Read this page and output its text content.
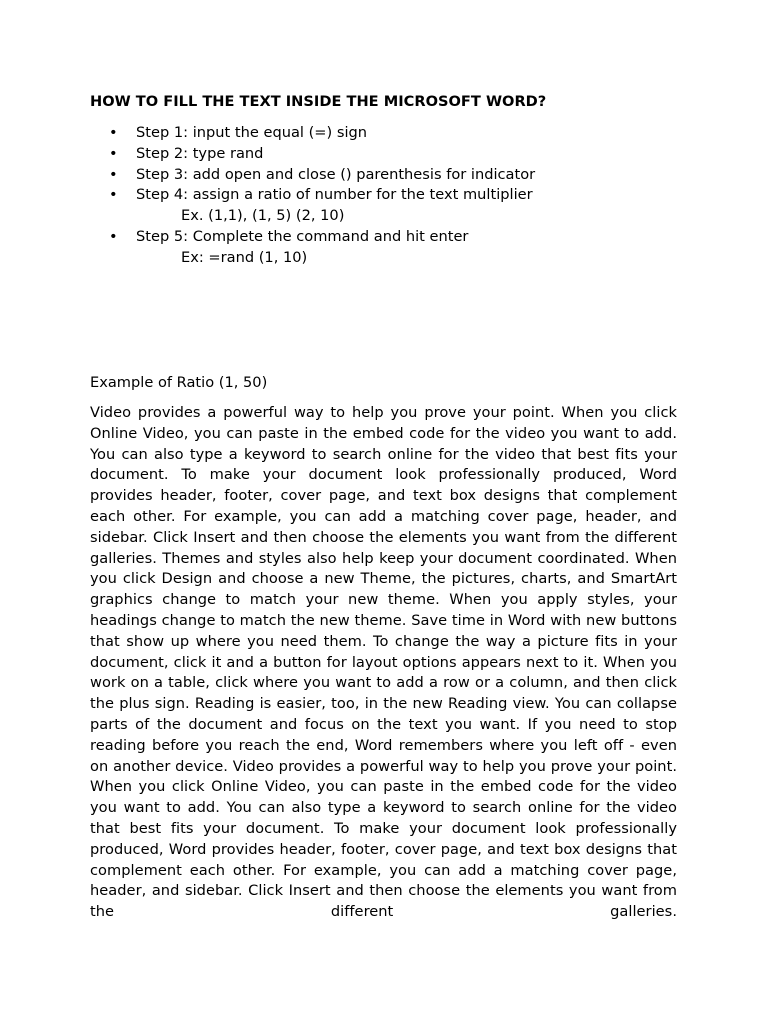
HOW TO FILL THE TEXT INSIDE THE MICROSOFT WORD?
• Step 1: input the equal (=) sign
• Step 2: type rand
• Step 3: add open and close () parenthesis for indicator
• Step 4: assign a ratio of number for the text multiplier
Ex. (1,1), (1, 5) (2, 10)
• Step 5: Complete the command and hit enter
Ex: =rand (1, 10)

Example of Ratio (1, 50)

Video provides a powerful way to help you prove your point. When you click Online Video, you can paste in the embed code for the video you want to add. You can also type a keyword to search online for the video that best fits your document. To make your document look professionally produced, Word provides header, footer, cover page, and text box designs that complement each other. For example, you can add a matching cover page, header, and sidebar. Click Insert and then choose the elements you want from the different galleries. Themes and styles also help keep your document coordinated. When you click Design and choose a new Theme, the pictures, charts, and SmartArt graphics change to match your new theme. When you apply styles, your headings change to match the new theme. Save time in Word with new buttons that show up where you need them. To change the way a picture fits in your document, click it and a button for layout options appears next to it. When you work on a table, click where you want to add a row or a column, and then click the plus sign. Reading is easier, too, in the new Reading view. You can collapse parts of the document and focus on the text you want. If you need to stop reading before you reach the end, Word remembers where you left off - even on another device. Video provides a powerful way to help you prove your point. When you click Online Video, you can paste in the embed code for the video you want to add. You can also type a keyword to search online for the video that best fits your document. To make your document look professionally produced, Word provides header, footer, cover page, and text box designs that complement each other. For example, you can add a matching cover page, header, and sidebar. Click Insert and then choose the elements you want from the different galleries.
